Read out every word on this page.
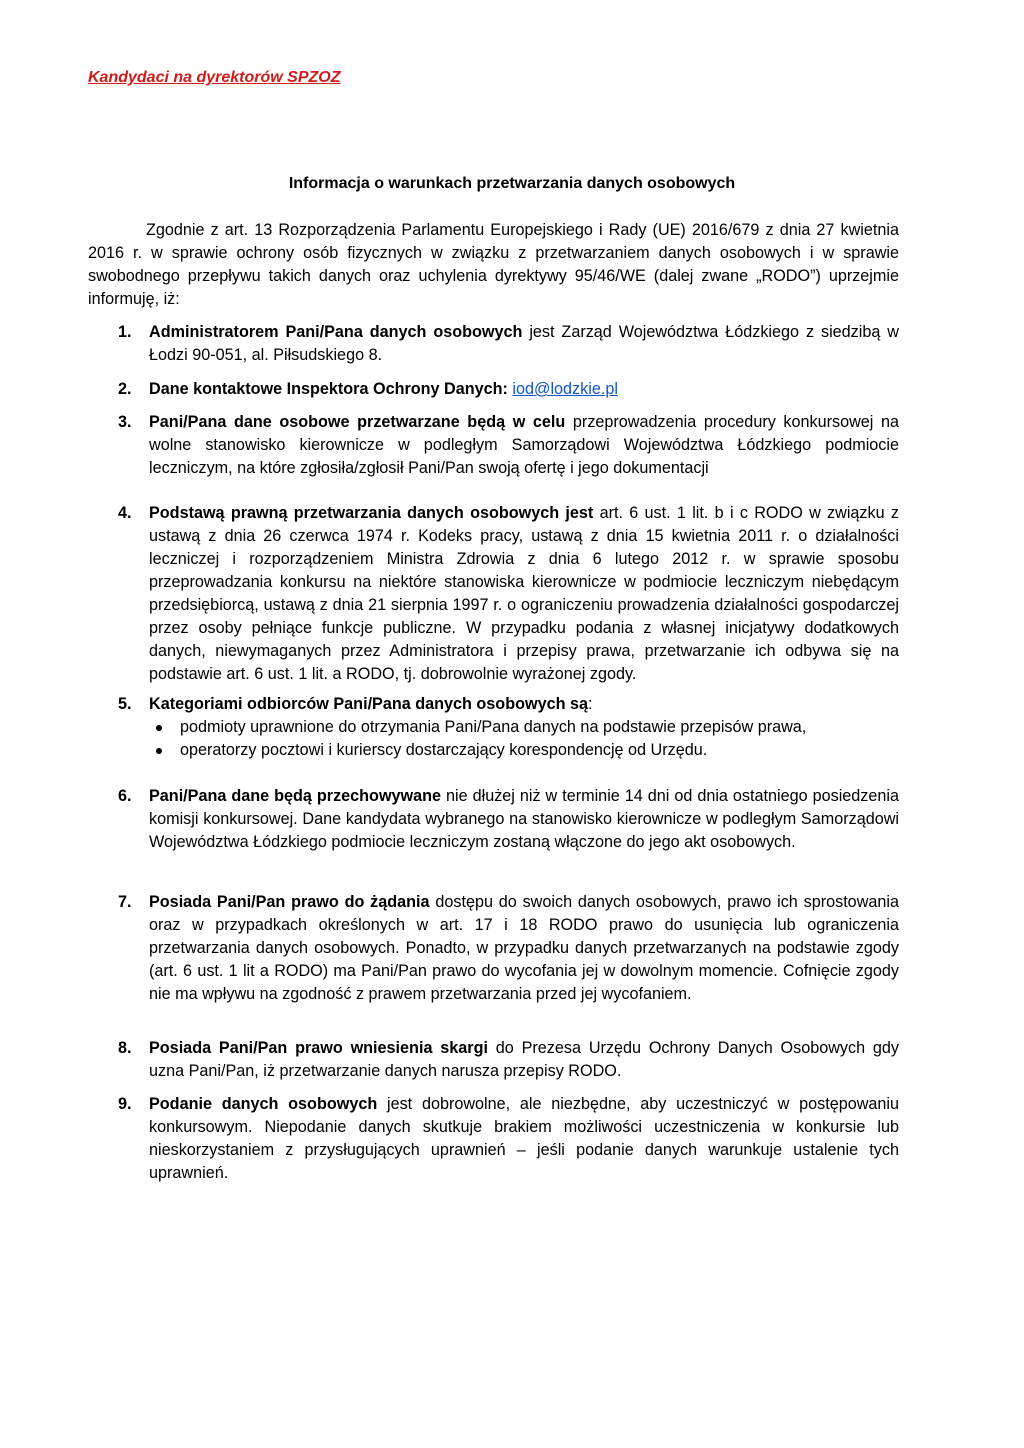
Kandydaci na dyrektorów SPZOZ
Informacja o warunkach przetwarzania danych osobowych
Zgodnie z art. 13 Rozporządzenia Parlamentu Europejskiego i Rady (UE) 2016/679 z dnia 27 kwietnia 2016 r. w sprawie ochrony osób fizycznych w związku z przetwarzaniem danych osobowych i w sprawie swobodnego przepływu takich danych oraz uchylenia dyrektywy 95/46/WE (dalej zwane „RODO”) uprzejmie informuję, iż:
1. Administratorem Pani/Pana danych osobowych jest Zarząd Województwa Łódzkiego z siedzibą w Łodzi 90-051, al. Piłsudskiego 8.
2. Dane kontaktowe Inspektora Ochrony Danych: iod@lodzkie.pl
3. Pani/Pana dane osobowe przetwarzane będą w celu przeprowadzenia procedury konkursowej na wolne stanowisko kierownicze w podległym Samorządowi Województwa Łódzkiego podmiocie leczniczym, na które zgłosiła/zgłosił Pani/Pan swoją ofertę i jego dokumentacji
4. Podstawą prawną przetwarzania danych osobowych jest art. 6 ust. 1 lit. b i c RODO w związku z ustawą z dnia 26 czerwca 1974 r. Kodeks pracy, ustawą z dnia 15 kwietnia 2011 r. o działalności leczniczej i rozporządzeniem Ministra Zdrowia z dnia 6 lutego 2012 r. w sprawie sposobu przeprowadzania konkursu na niektóre stanowiska kierownicze w podmiocie leczniczym niebędącym przedsiębiorcą, ustawą z dnia 21 sierpnia 1997 r. o ograniczeniu prowadzenia działalności gospodarczej przez osoby pełniące funkcje publiczne. W przypadku podania z własnej inicjatywy dodatkowych danych, niewymaganych przez Administratora i przepisy prawa, przetwarzanie ich odbywa się na podstawie art. 6 ust. 1 lit. a RODO, tj. dobrowolnie wyrażonej zgody.
5. Kategoriami odbiorców Pani/Pana danych osobowych są:
podmioty uprawnione do otrzymania Pani/Pana danych na podstawie przepisów prawa,
operatorzy pocztowi i kurierscy dostarczający korespondencję od Urzędu.
6. Pani/Pana dane będą przechowywane nie dłużej niż w terminie 14 dni od dnia ostatniego posiedzenia komisji konkursowej. Dane kandydata wybranego na stanowisko kierownicze w podległym Samorządowi Województwa Łódzkiego podmiocie leczniczym zostaną włączone do jego akt osobowych.
7. Posiada Pani/Pan prawo do żądania dostępu do swoich danych osobowych, prawo ich sprostowania oraz w przypadkach określonych w art. 17 i 18 RODO prawo do usunięcia lub ograniczenia przetwarzania danych osobowych. Ponadto, w przypadku danych przetwarzanych na podstawie zgody (art. 6 ust. 1 lit a RODO) ma Pani/Pan prawo do wycofania jej w dowolnym momencie. Cofnięcie zgody nie ma wpływu na zgodność z prawem przetwarzania przed jej wycofaniem.
8. Posiada Pani/Pan prawo wniesienia skargi do Prezesa Urzędu Ochrony Danych Osobowych gdy uzna Pani/Pan, iż przetwarzanie danych narusza przepisy RODO.
9. Podanie danych osobowych jest dobrowolne, ale niezbędne, aby uczestniczyć w postępowaniu konkursowym. Niepodanie danych skutkuje brakiem możliwości uczestniczenia w konkursie lub nieskorzystaniem z przysługujących uprawnień – jeśli podanie danych warunkuje ustalenie tych uprawnień.
